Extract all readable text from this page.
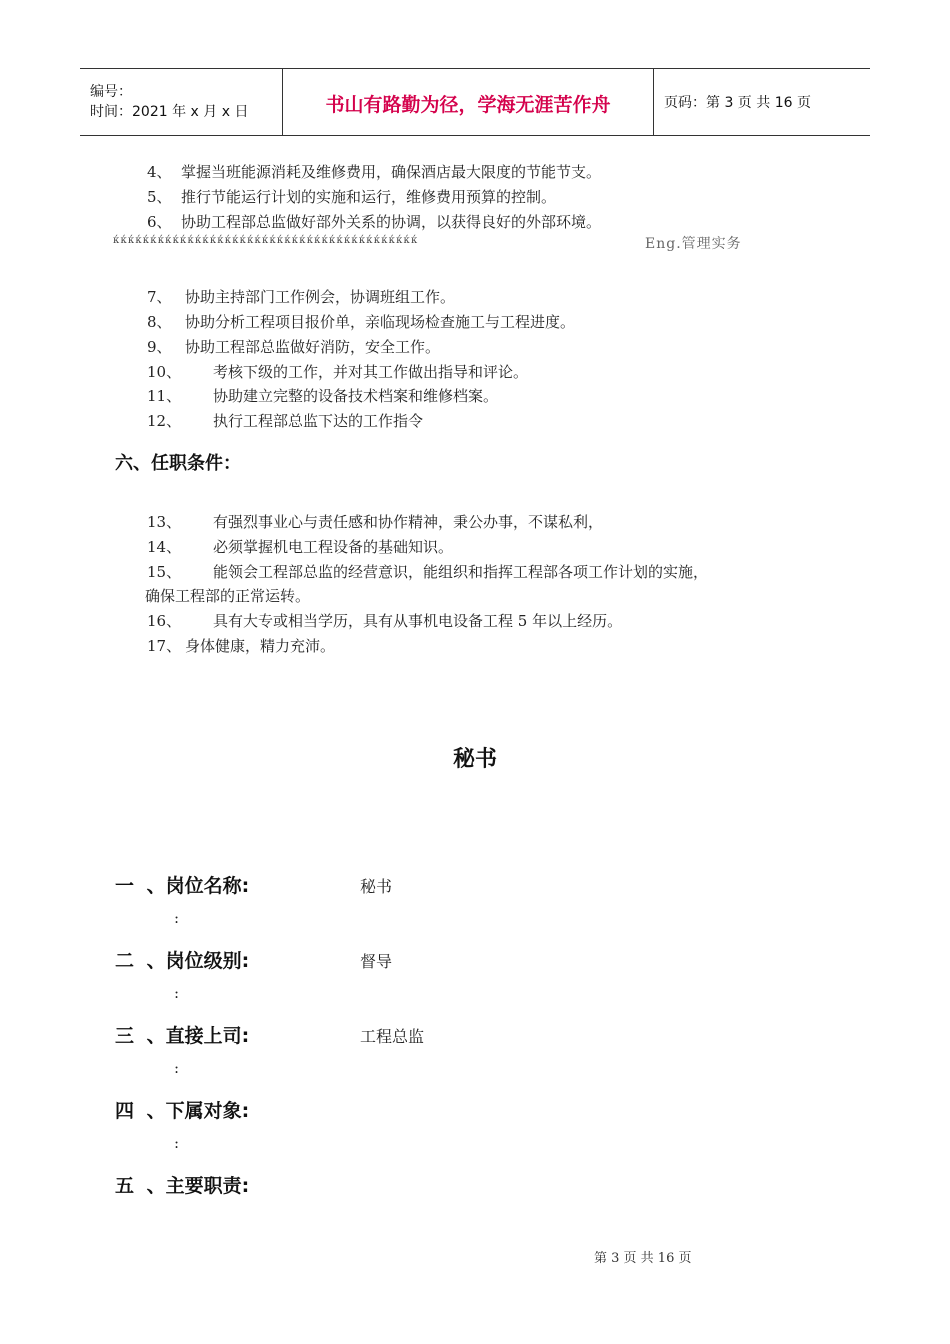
编号：
时间：2021 年 x 月 x 日	书山有路勤为径，学海无涯苦作舟	页码：第 3 页 共 16 页
4、 掌握当班能源消耗及维修费用，确保酒店最大限度的节能节支。
5、 推行节能运行计划的实施和运行，维修费用预算的控制。
6、 协助工程部总监做好部外关系的协调，以获得良好的外部环境。
ќќќќќќќќќќќќќќќќќќќќќќќќќќќќќќќќќќќќќќќќќ	Eng.管理实务
7、 协助主持部门工作例会，协调班组工作。
8、 协助分析工程项目报价单，亲临现场检查施工与工程进度。
9、 协助工程部总监做好消防，安全工作。
10、 考核下级的工作，并对其工作做出指导和评论。
11、 协助建立完整的设备技术档案和维修档案。
12、 执行工程部总监下达的工作指令
六、任职条件：
13、 有强烈事业心与责任感和协作精神，秉公办事，不谋私利，
14、 必须掌握机电工程设备的基础知识。
15、 能领会工程部总监的经营意识，能组织和指挥工程部各项工作计划的实施，
确保工程部的正常运转。
16、 具有大专或相当学历，具有从事机电设备工程 5 年以上经历。
17、 身体健康，精力充沛。
秘书
一 、岗位名称:	秘书
:
二 、岗位级别:	督导
:
三 、直接上司:	工程总监
:
四 、下属对象:
:
五 、主要职责:
第 3 页 共 16 页
